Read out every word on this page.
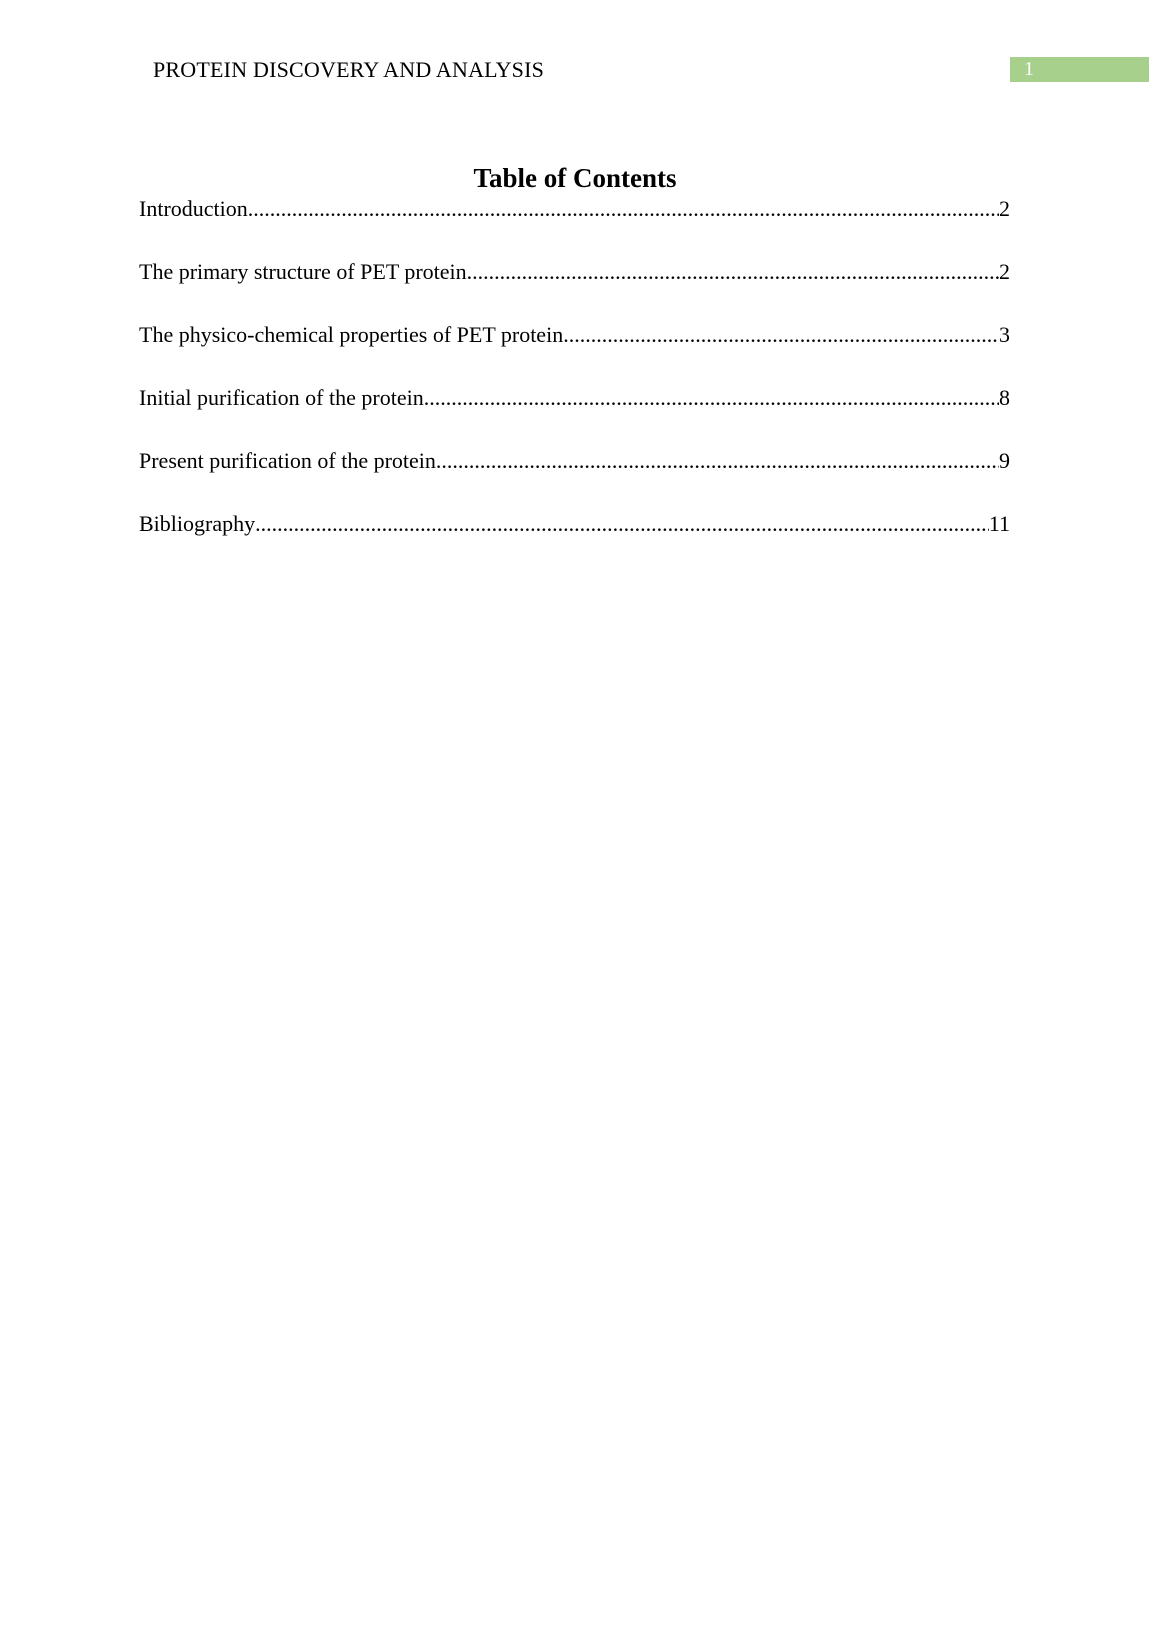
PROTEIN DISCOVERY AND ANALYSIS	1
Table of Contents
Introduction .....	2
The primary structure of PET protein .....	2
The physico-chemical properties of PET protein .....	3
Initial purification of the protein .....	8
Present purification of the protein .....	9
Bibliography .....	11
